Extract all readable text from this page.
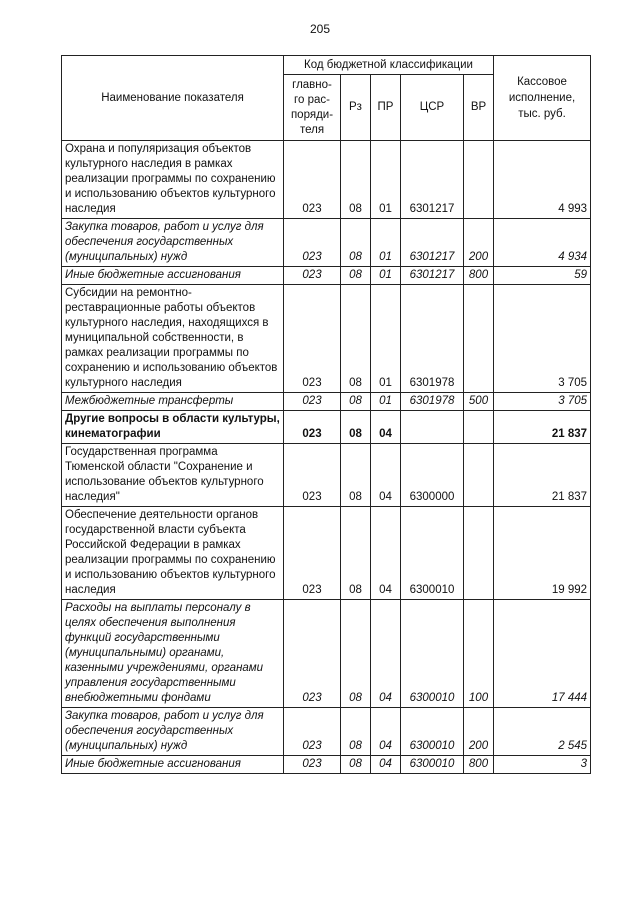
205
Наименование показателя	Код бюджетной классификации					Кассовое исполнение, тыс. руб.
	главно-го рас-поряди-теля	Рз	ПР	ЦСР	ВР	
Охрана и популяризация объектов культурного наследия в рамках реализации программы по сохранению и использованию объектов культурного наследия	023	08	01	6301217		4 993
Закупка товаров, работ и услуг для обеспечения государственных (муниципальных) нужд	023	08	01	6301217	200	4 934
Иные бюджетные ассигнования	023	08	01	6301217	800	59
Субсидии на ремонтно-реставрационные работы объектов культурного наследия, находящихся в муниципальной собственности, в рамках реализации программы по сохранению и использованию объектов культурного наследия	023	08	01	6301978		3 705
Межбюджетные трансферты	023	08	01	6301978	500	3 705
Другие вопросы в области культуры, кинематографии	023	08	04			21 837
Государственная программа Тюменской области "Сохранение и использование объектов культурного наследия"	023	08	04	6300000		21 837
Обеспечение деятельности органов государственной власти субъекта Российской Федерации в рамках реализации программы по сохранению и использованию объектов культурного наследия	023	08	04	6300010		19 992
Расходы на выплаты персоналу в целях обеспечения выполнения функций государственными (муниципальными) органами, казенными учреждениями, органами управления государственными внебюджетными фондами	023	08	04	6300010	100	17 444
Закупка товаров, работ и услуг для обеспечения государственных (муниципальных) нужд	023	08	04	6300010	200	2 545
Иные бюджетные ассигнования	023	08	04	6300010	800	3
